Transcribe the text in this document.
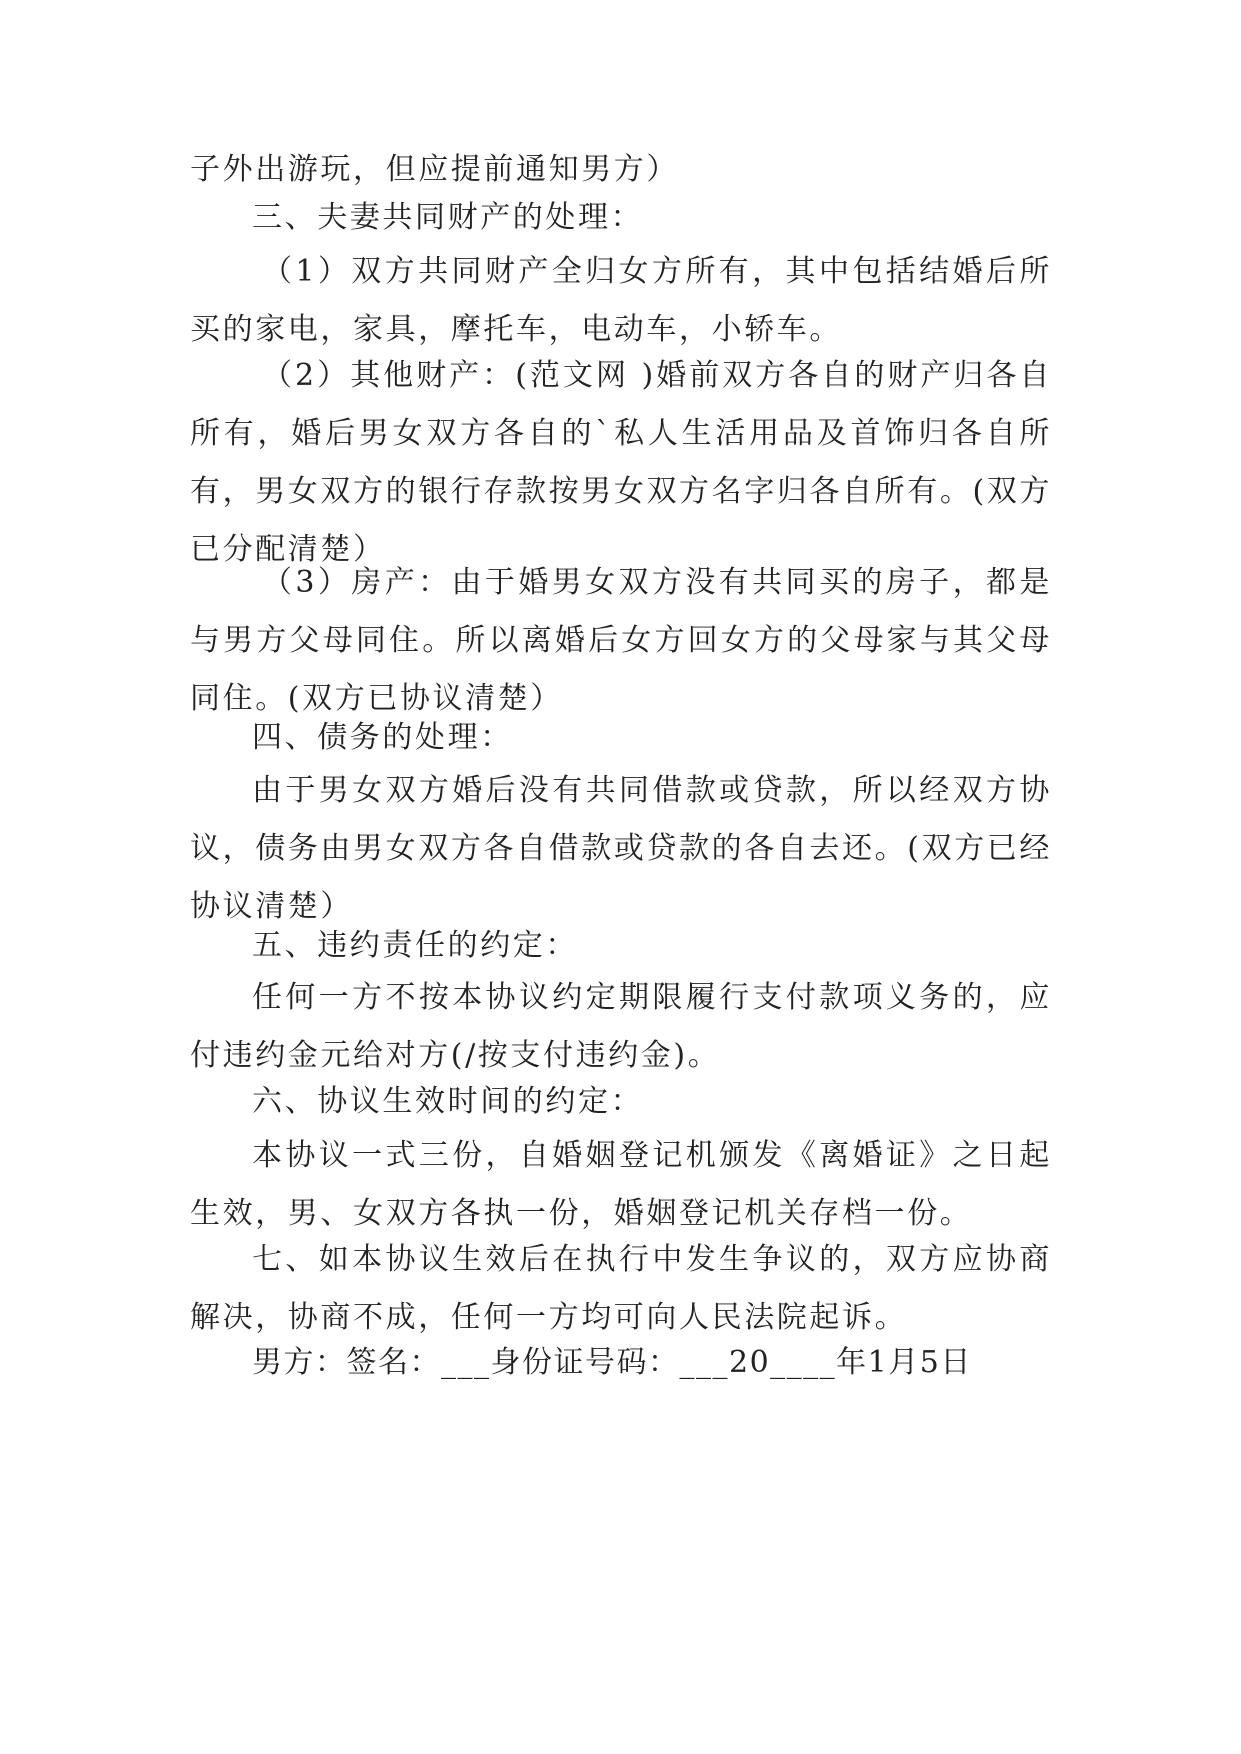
子外出游玩，但应提前通知男方）

三、夫妻共同财产的处理：

（1）双方共同财产全归女方所有，其中包括结婚后所买的家电，家具，摩托车，电动车，小轿车。

（2）其他财产：(范文网 )婚前双方各自的财产归各自所有，婚后男女双方各自的`私人生活用品及首饰归各自所有，男女双方的银行存款按男女双方名字归各自所有。(双方已分配清楚）

（3）房产：由于婚男女双方没有共同买的房子，都是与男方父母同住。所以离婚后女方回女方的父母家与其父母同住。(双方已协议清楚）

四、债务的处理：

由于男女双方婚后没有共同借款或贷款，所以经双方协议，债务由男女双方各自借款或贷款的各自去还。(双方已经协议清楚）

五、违约责任的约定：

任何一方不按本协议约定期限履行支付款项义务的，应付违约金元给对方(/按支付违约金)。

六、协议生效时间的约定：

本协议一式三份，自婚姻登记机颁发《离婚证》之日起生效，男、女双方各执一份，婚姻登记机关存档一份。

七、如本协议生效后在执行中发生争议的，双方应协商解决，协商不成，任何一方均可向人民法院起诉。

男方：签名：___身份证号码：___20____年1月5日
